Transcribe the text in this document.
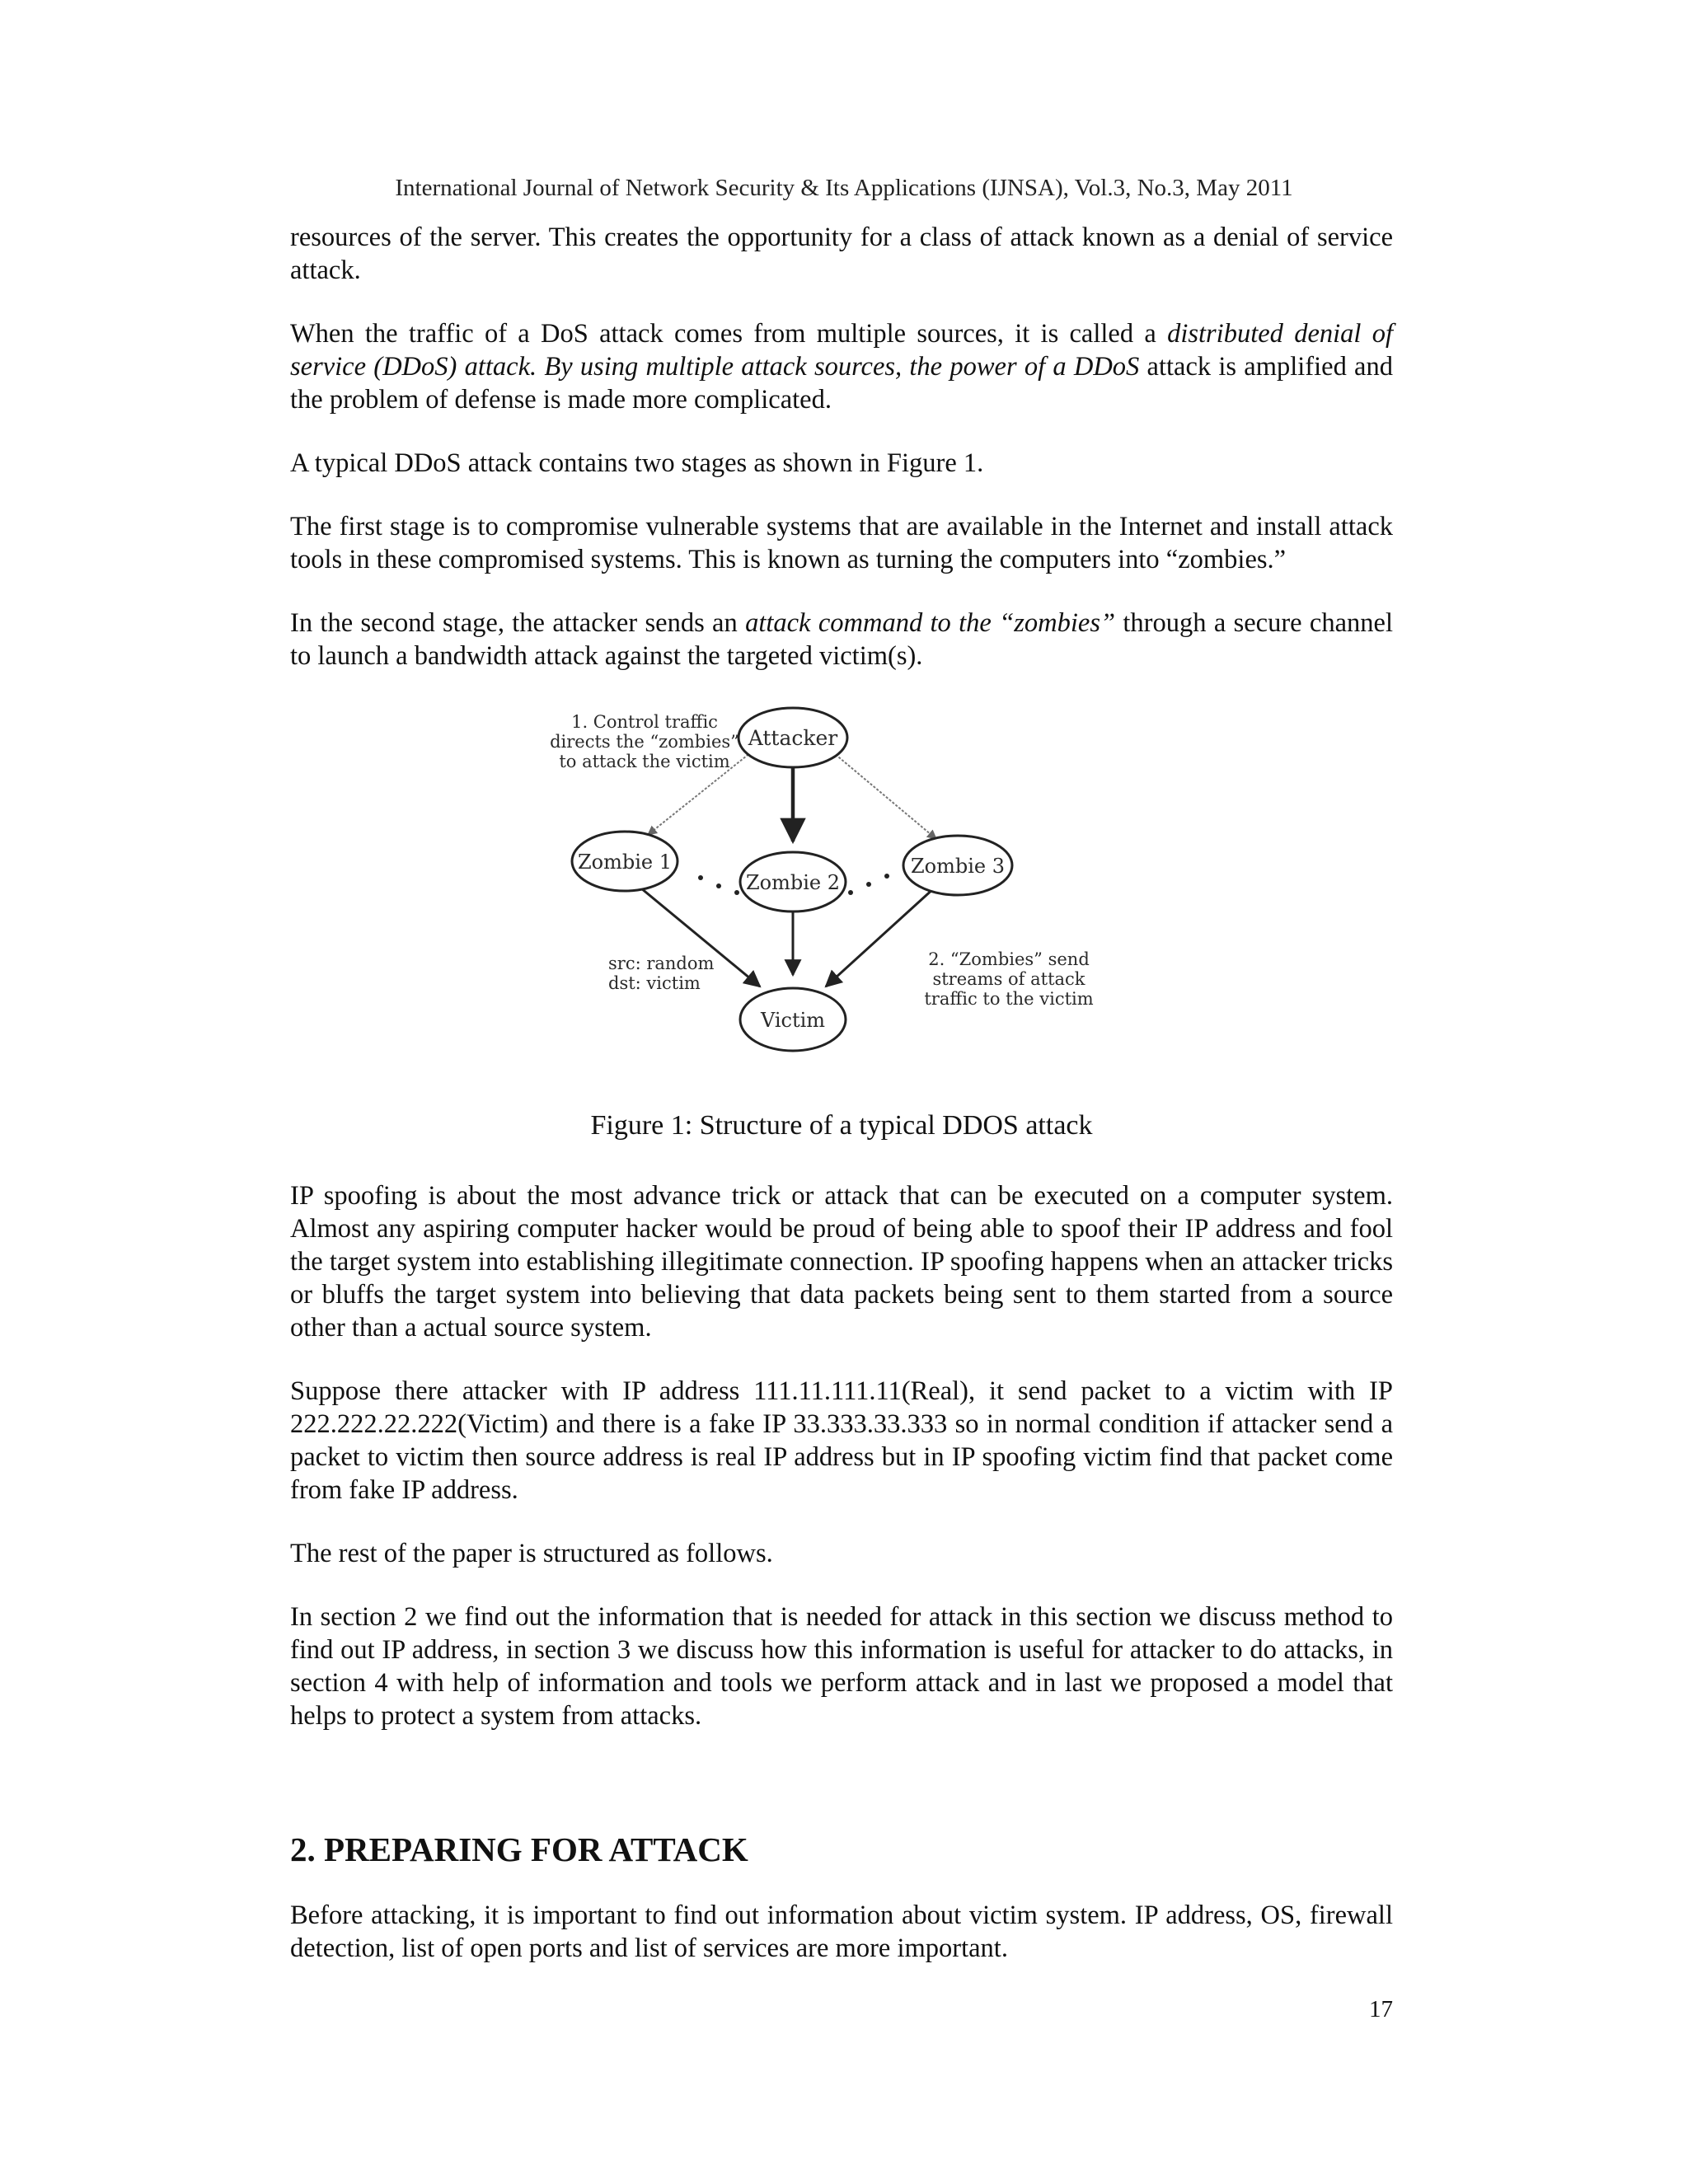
International Journal of Network Security & Its Applications (IJNSA), Vol.3, No.3, May 2011

resources of the server. This creates the opportunity for a class of attack known as a denial of service attack.

When the traffic of a DoS attack comes from multiple sources, it is called a distributed denial of service (DDoS) attack. By using multiple attack sources, the power of a DDoS attack is amplified and the problem of defense is made more complicated.

A typical DDoS attack contains two stages as shown in Figure 1.

The first stage is to compromise vulnerable systems that are available in the Internet and install attack tools in these compromised systems. This is known as turning the computers into “zombies.”

In the second stage, the attacker sends an attack command to the “zombies” through a secure channel to launch a bandwidth attack against the targeted victim(s).

Attacker
Zombie 1
Zombie 2
Zombie 3
Victim
1. Control traffic
directs the “zombies”
to attack the victim
src: random
dst: victim
2. “Zombies” send
streams of attack
traffic to the victim
Figure 1: Structure of a typical DDOS attack

IP spoofing is about the most advance trick or attack that can be executed on a computer system. Almost any aspiring computer hacker would be proud of being able to spoof their IP address and fool the target system into establishing illegitimate connection. IP spoofing happens when an attacker tricks or bluffs the target system into believing that data packets being sent to them started from a source other than a actual source system.

Suppose there attacker with IP address 111.11.111.11(Real), it send packet to a victim with IP 222.222.22.222(Victim) and there is a fake IP 33.333.33.333 so in normal condition if attacker send a packet to victim then source address is real IP address but in IP spoofing victim find that packet come from fake IP address.

The rest of the paper is structured as follows.

In section 2 we find out the information that is needed for attack in this section we discuss method to find out IP address, in section 3 we discuss how this information is useful for attacker to do attacks, in section 4 with help of information and tools we perform attack and in last we proposed a model that helps to protect a system from attacks.

2. PREPARING FOR ATTACK

Before attacking, it is important to find out information about victim system. IP address, OS, firewall detection, list of open ports and list of services are more important.

17
